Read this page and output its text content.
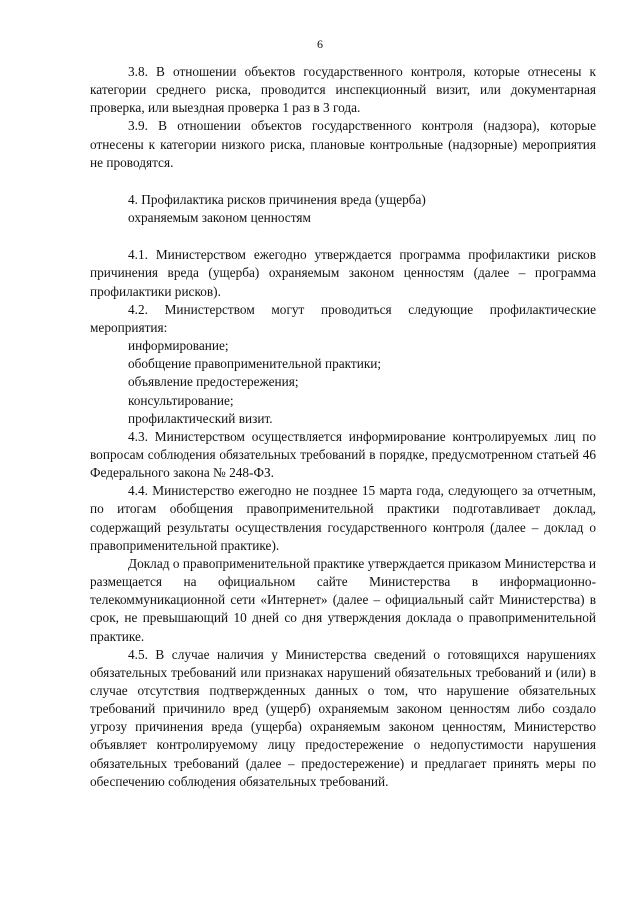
6

3.8. В отношении объектов государственного контроля, которые отнесены к категории среднего риска, проводится инспекционный визит, или документарная проверка, или выездная проверка 1 раз в 3 года.

3.9. В отношении объектов государственного контроля (надзора), которые отнесены к категории низкого риска, плановые контрольные (надзорные) мероприятия не проводятся.

4. Профилактика рисков причинения вреда (ущерба)

охраняемым законом ценностям

4.1. Министерством ежегодно утверждается программа профилактики рисков причинения вреда (ущерба) охраняемым законом ценностям (далее – программа профилактики рисков).

4.2. Министерством могут проводиться следующие профилактические мероприятия:

информирование;

обобщение правоприменительной практики;

объявление предостережения;

консультирование;

профилактический визит.

4.3. Министерством осуществляется информирование контролируемых лиц по вопросам соблюдения обязательных требований в порядке, предусмотренном статьей 46 Федерального закона № 248-ФЗ.

4.4. Министерство ежегодно не позднее 15 марта года, следующего за отчетным, по итогам обобщения правоприменительной практики подготавливает доклад, содержащий результаты осуществления государственного контроля (далее – доклад о правоприменительной практике).

Доклад о правоприменительной практике утверждается приказом Министерства и размещается на официальном сайте Министерства в информационно-телекоммуникационной сети «Интернет» (далее – официальный сайт Министерства) в срок, не превышающий 10 дней со дня утверждения доклада о правоприменительной практике.

4.5. В случае наличия у Министерства сведений о готовящихся нарушениях обязательных требований или признаках нарушений обязательных требований и (или) в случае отсутствия подтвержденных данных о том, что нарушение обязательных требований причинило вред (ущерб) охраняемым законом ценностям либо создало угрозу причинения вреда (ущерба) охраняемым законом ценностям, Министерство объявляет контролируемому лицу предостережение о недопустимости нарушения обязательных требований (далее – предостережение) и предлагает принять меры по обеспечению соблюдения обязательных требований.
